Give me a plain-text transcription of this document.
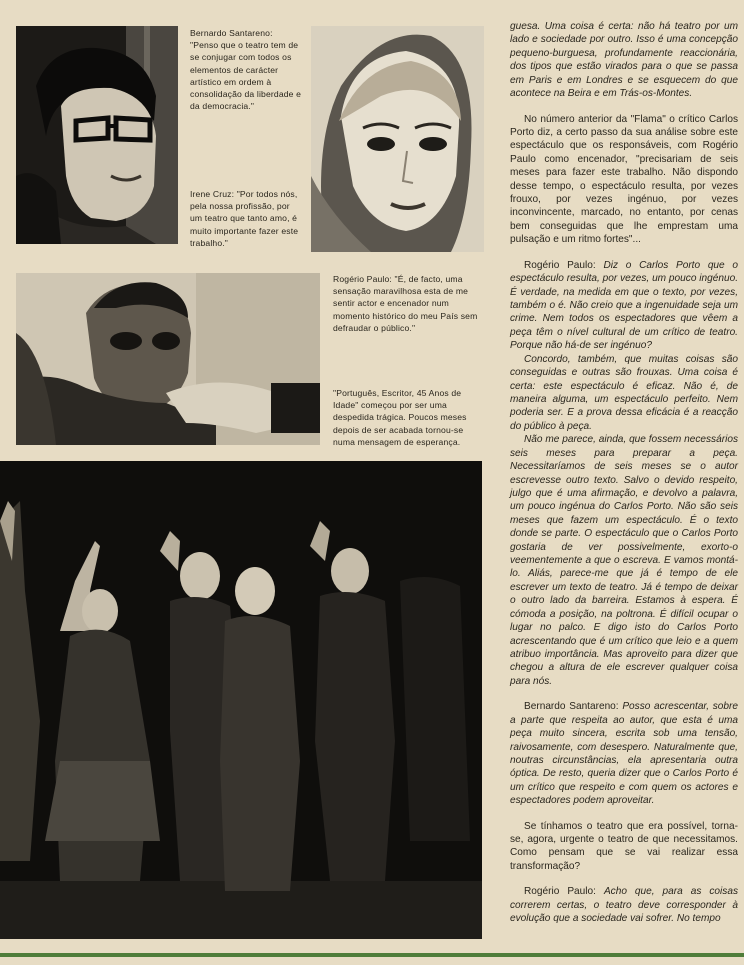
Bernardo Santareno: "Penso que o teatro tem de se conjugar com todos os elementos de carácter artístico em ordem à consolidação da liberdade e da democracia."

Irene Cruz: "Por todos nós, pela nossa profissão, por um teatro que tanto amo, é muito importante fazer este trabalho."

Rogério Paulo: "É, de facto, uma sensação maravilhosa esta de me sentir actor e encenador num momento histórico do meu País sem defraudar o público."

"Português, Escritor, 45 Anos de Idade" começou por ser uma despedida trágica. Poucos meses depois de ser acabada tornou-se numa mensagem de esperança.

guesa. Uma coisa é certa: não há teatro por um lado e sociedade por outro. Isso é uma concepção pequeno-burguesa, profundamente reaccionária, dos tipos que estão virados para o que se passa em Paris e em Londres e se esquecem do que acontece na Beira e em Trás-os-Montes.

No número anterior da "Flama" o crítico Carlos Porto diz, a certo passo da sua análise sobre este espectáculo que os responsáveis, com Rogério Paulo como encenador, "precisariam de seis meses para fazer este trabalho. Não dispondo desse tempo, o espectáculo resulta, por vezes frouxo, por vezes ingénuo, por vezes inconvincente, marcado, no entanto, por cenas bem conseguidas que lhe emprestam uma pulsação e um ritmo fortes"...

Rogério Paulo: Diz o Carlos Porto que o espectáculo resulta, por vezes, um pouco ingénuo. É verdade, na medida em que o texto, por vezes, também o é. Não creio que a ingenuidade seja um crime. Nem todos os espectadores que vêem a peça têm o nível cultural de um crítico de teatro. Porque não há-de ser ingénuo?

Concordo, também, que muitas coisas são conseguidas e outras são frouxas. Uma coisa é certa: este espectáculo é eficaz. Não é, de maneira alguma, um espectáculo perfeito. Nem poderia ser. E a prova dessa eficácia é a reacção do público à peça.

Não me parece, ainda, que fossem necessários seis meses para preparar a peça. Necessitaríamos de seis meses se o autor escrevesse outro texto. Salvo o devido respeito, julgo que é uma afirmação, e devolvo a palavra, um pouco ingénua do Carlos Porto. Não são seis meses que fazem um espectáculo. É o texto donde se parte. O espectáculo que o Carlos Porto gostaria de ver possivelmente, exorto-o veementemente a que o escreva. E vamos montá-lo. Aliás, parece-me que já é tempo de ele escrever um texto de teatro. Já é tempo de deixar o outro lado da barreira. Estamos à espera. É cómoda a posição, na poltrona. É difícil ocupar o lugar no palco. E digo isto do Carlos Porto acrescentando que é um crítico que leio e a quem atribuo importância. Mas aproveito para dizer que chegou a altura de ele escrever qualquer coisa para nós.

Bernardo Santareno: Posso acrescentar, sobre a parte que respeita ao autor, que esta é uma peça muito sincera, escrita sob uma tensão, raivosamente, com desespero. Naturalmente que, noutras circunstâncias, ela apresentaria outra óptica. De resto, queria dizer que o Carlos Porto é um crítico que respeito e com quem os actores e espectadores podem aproveitar.

Se tínhamos o teatro que era possível, torna-se, agora, urgente o teatro de que necessitamos. Como pensam que se vai realizar essa transformação?

Rogério Paulo: Acho que, para as coisas correrem certas, o teatro deve corresponder à evolução que a sociedade vai sofrer. No tempo
